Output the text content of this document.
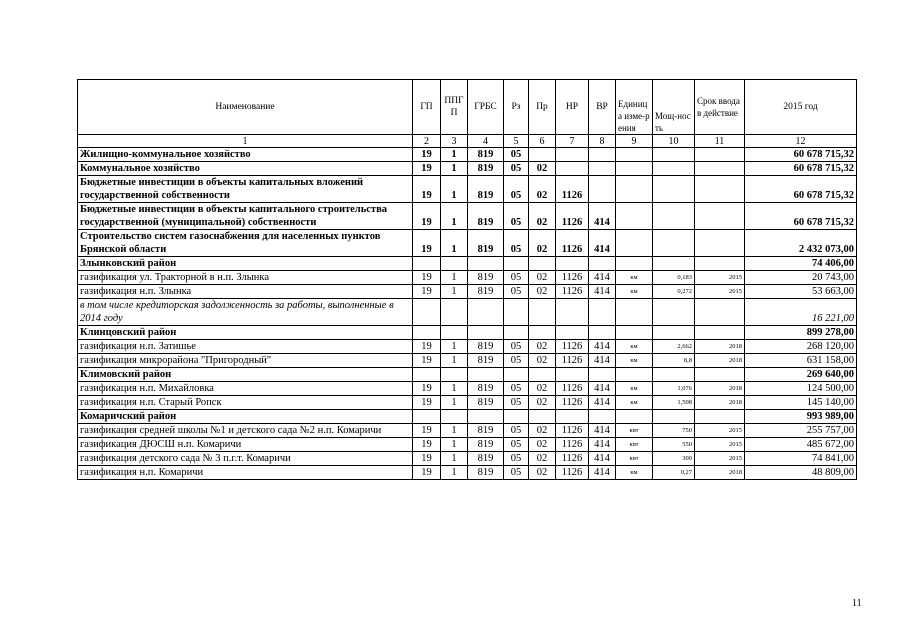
Наименование	ГП	ППГП	ГРБС	Рз	Пр	НР	ВР	Единица изме-рения	Мощ-ность	Срок ввода в действие	2015 год
1	2	3	4	5	6	7	8	9	10	11	12
Жилищно-коммунальное хозяйство	19	1	819	05							60 678 715,32
Коммунальное хозяйство	19	1	819	05	02						60 678 715,32
Бюджетные инвестиции в объекты капитальных вложений государственной собственности	19	1	819	05	02	1126					60 678 715,32
Бюджетные инвестиции в объекты капитального строительства государственной (муниципальной) собственности	19	1	819	05	02	1126	414				60 678 715,32
Строительство систем газоснабжения для населенных пунктов Брянской области	19	1	819	05	02	1126	414				2 432 073,00
Злынковский район											74 406,00
газификация ул. Тракторной в н.п. Злынка	19	1	819	05	02	1126	414	км	0,183	2015	20 743,00
газификация н.п. Злынка	19	1	819	05	02	1126	414	км	0,272	2015	53 663,00
в том числе кредиторская задолженность за работы, выполненные в 2014 году											16 221,00
Клинцовский район											899 278,00
газификация н.п. Затишье	19	1	819	05	02	1126	414	км	2,662	2018	268 120,00
газификация микрорайона "Пригородный"	19	1	819	05	02	1126	414	км	8,8	2018	631 158,00
Климовский район											269 640,00
газификация н.п. Михайловка	19	1	819	05	02	1126	414	км	1,076	2018	124 500,00
газификация н.п. Старый Ропск	19	1	819	05	02	1126	414	км	1,508	2018	145 140,00
Комаричский район											993 989,00
газификация средней школы №1 и детского сада №2 н.п. Комаричи	19	1	819	05	02	1126	414	квт	750	2015	255 757,00
газификация ДЮСШ н.п. Комаричи	19	1	819	05	02	1126	414	квт	550	2015	485 672,00
газификация детского сада № 3 п.г.т. Комаричи	19	1	819	05	02	1126	414	квт	300	2015	74 841,00
газификация н.п. Комаричи	19	1	819	05	02	1126	414	км	0,27	2018	48 809,00
11
